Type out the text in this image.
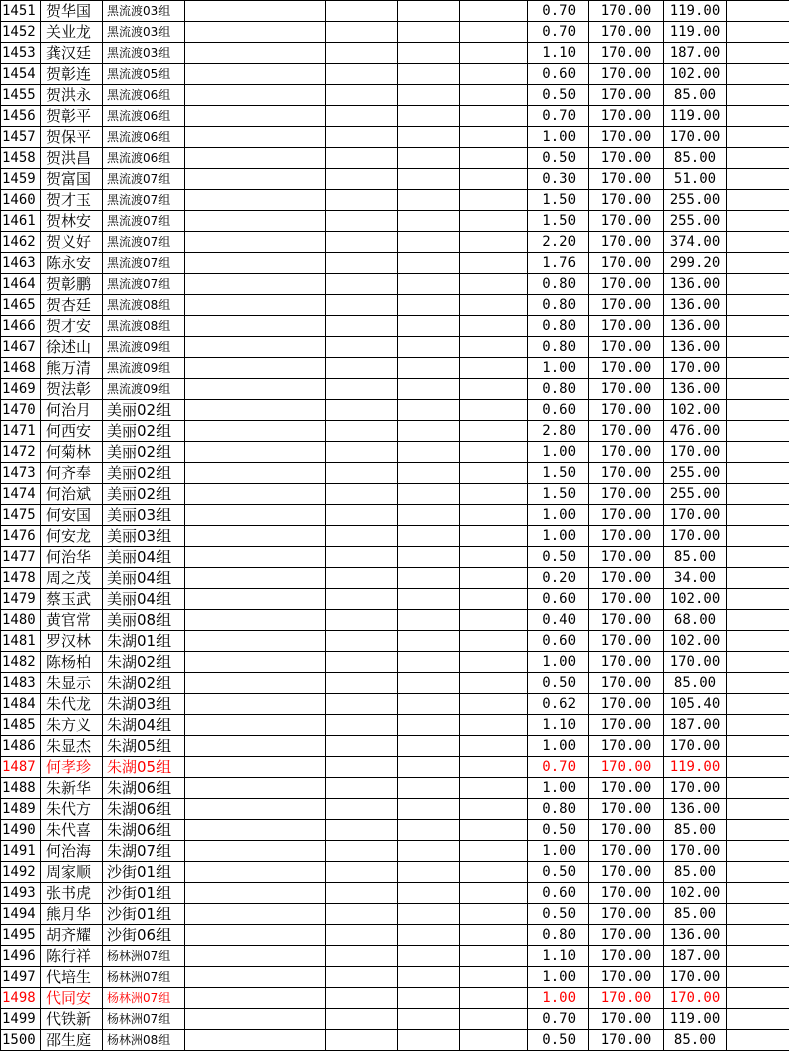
1451	贺华国	黑流渡03组					0.70	170.00	119.00	
1452	关业龙	黑流渡03组					0.70	170.00	119.00	
1453	龚汉廷	黑流渡03组					1.10	170.00	187.00	
1454	贺彰连	黑流渡05组					0.60	170.00	102.00	
1455	贺洪永	黑流渡06组					0.50	170.00	85.00	
1456	贺彰平	黑流渡06组					0.70	170.00	119.00	
1457	贺保平	黑流渡06组					1.00	170.00	170.00	
1458	贺洪昌	黑流渡06组					0.50	170.00	85.00	
1459	贺富国	黑流渡07组					0.30	170.00	51.00	
1460	贺才玉	黑流渡07组					1.50	170.00	255.00	
1461	贺林安	黑流渡07组					1.50	170.00	255.00	
1462	贺义好	黑流渡07组					2.20	170.00	374.00	
1463	陈永安	黑流渡07组					1.76	170.00	299.20	
1464	贺彰鹏	黑流渡07组					0.80	170.00	136.00	
1465	贺杏廷	黑流渡08组					0.80	170.00	136.00	
1466	贺才安	黑流渡08组					0.80	170.00	136.00	
1467	徐述山	黑流渡09组					0.80	170.00	136.00	
1468	熊万清	黑流渡09组					1.00	170.00	170.00	
1469	贺法彰	黑流渡09组					0.80	170.00	136.00	
1470	何治月	美丽02组					0.60	170.00	102.00	
1471	何西安	美丽02组					2.80	170.00	476.00	
1472	何菊林	美丽02组					1.00	170.00	170.00	
1473	何齐奉	美丽02组					1.50	170.00	255.00	
1474	何治斌	美丽02组					1.50	170.00	255.00	
1475	何安国	美丽03组					1.00	170.00	170.00	
1476	何安龙	美丽03组					1.00	170.00	170.00	
1477	何治华	美丽04组					0.50	170.00	85.00	
1478	周之茂	美丽04组					0.20	170.00	34.00	
1479	蔡玉武	美丽04组					0.60	170.00	102.00	
1480	黄官常	美丽08组					0.40	170.00	68.00	
1481	罗汉林	朱湖01组					0.60	170.00	102.00	
1482	陈杨柏	朱湖02组					1.00	170.00	170.00	
1483	朱显示	朱湖02组					0.50	170.00	85.00	
1484	朱代龙	朱湖03组					0.62	170.00	105.40	
1485	朱方义	朱湖04组					1.10	170.00	187.00	
1486	朱显杰	朱湖05组					1.00	170.00	170.00	
1487	何孝珍	朱湖05组					0.70	170.00	119.00	
1488	朱新华	朱湖06组					1.00	170.00	170.00	
1489	朱代方	朱湖06组					0.80	170.00	136.00	
1490	朱代喜	朱湖06组					0.50	170.00	85.00	
1491	何治海	朱湖07组					1.00	170.00	170.00	
1492	周家顺	沙街01组					0.50	170.00	85.00	
1493	张书虎	沙街01组					0.60	170.00	102.00	
1494	熊月华	沙街01组					0.50	170.00	85.00	
1495	胡齐耀	沙街06组					0.80	170.00	136.00	
1496	陈行祥	杨林洲07组					1.10	170.00	187.00	
1497	代培生	杨林洲07组					1.00	170.00	170.00	
1498	代同安	杨林洲07组					1.00	170.00	170.00	
1499	代铁新	杨林洲07组					0.70	170.00	119.00	
1500	邵生庭	杨林洲08组					0.50	170.00	85.00	
